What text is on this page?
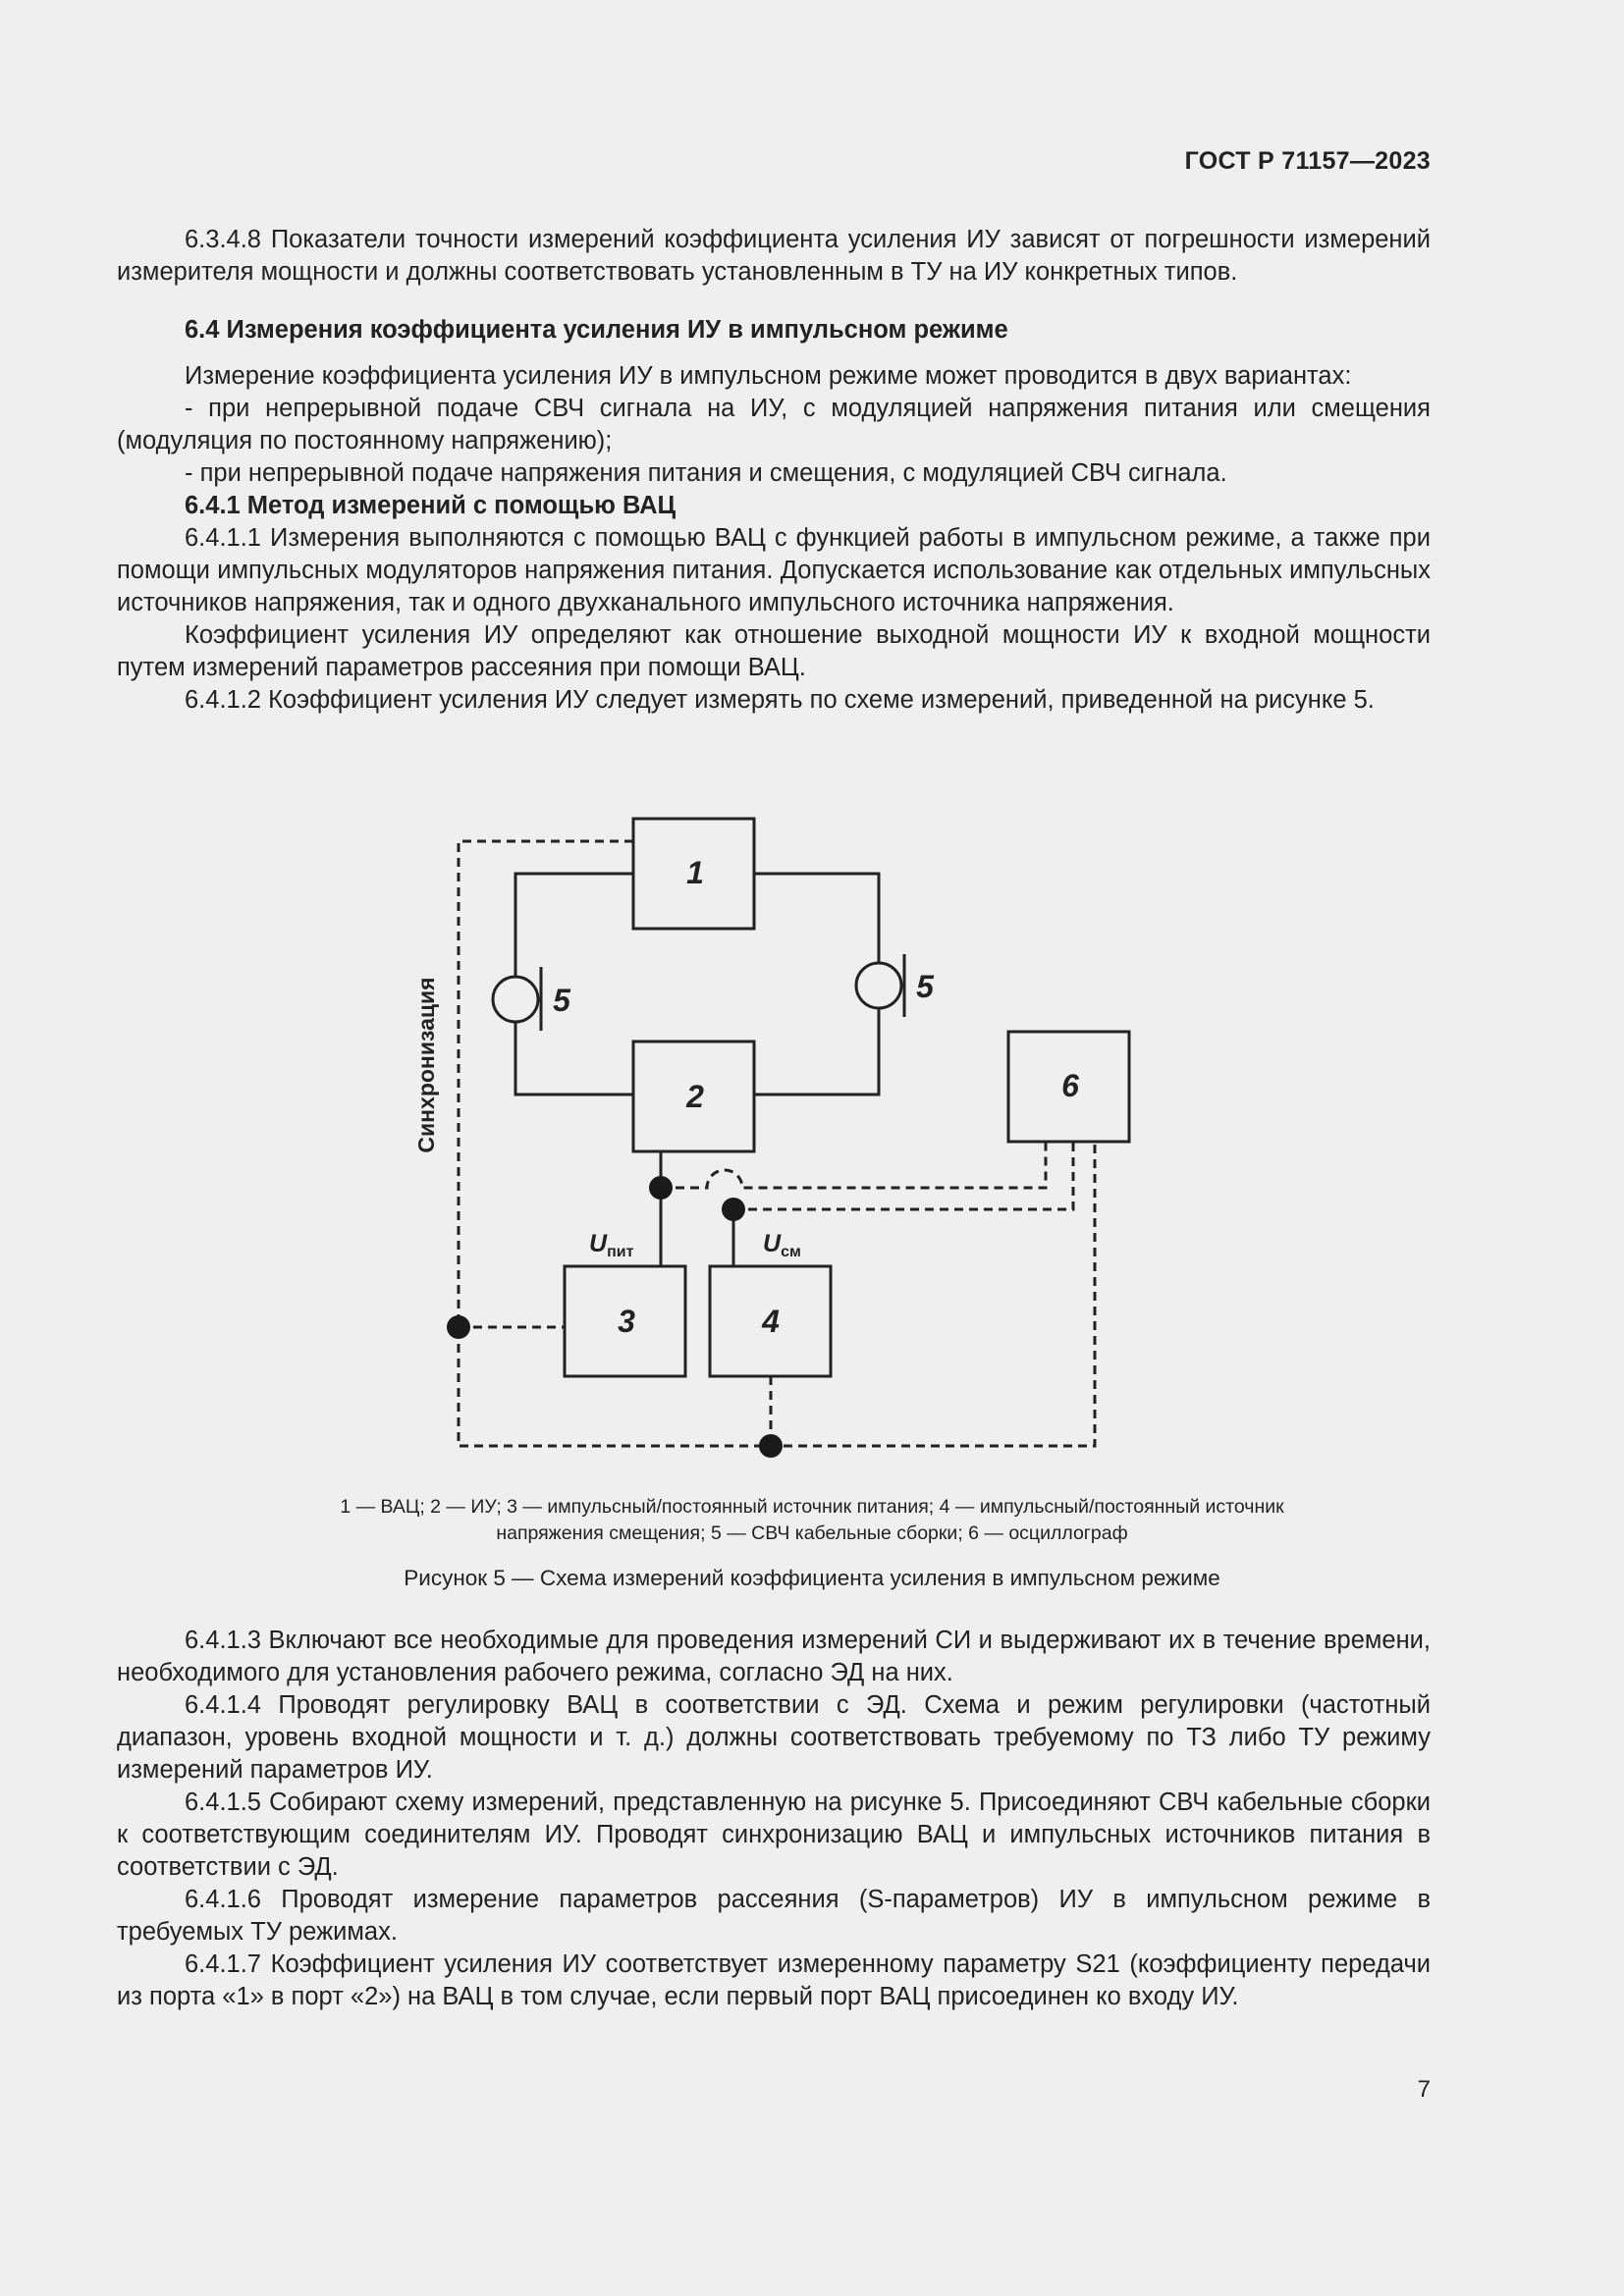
ГОСТ Р 71157—2023

6.3.4.8 Показатели точности измерений коэффициента усиления ИУ зависят от погрешности измерений измерителя мощности и должны соответствовать установленным в ТУ на ИУ конкретных типов.

6.4 Измерения коэффициента усиления ИУ в импульсном режиме

Измерение коэффициента усиления ИУ в импульсном режиме может проводится в двух вариантах:

- при непрерывной подаче СВЧ сигнала на ИУ, с модуляцией напряжения питания или смещения (модуляция по постоянному напряжению);

- при непрерывной подаче напряжения питания и смещения, с модуляцией СВЧ сигнала.

6.4.1 Метод измерений с помощью ВАЦ

6.4.1.1 Измерения выполняются с помощью ВАЦ с функцией работы в импульсном режиме, а также при помощи импульсных модуляторов напряжения питания. Допускается использование как отдельных импульсных источников напряжения, так и одного двухканального импульсного источника напряжения.

Коэффициент усиления ИУ определяют как отношение выходной мощности ИУ к входной мощности путем измерений параметров рассеяния при помощи ВАЦ.

6.4.1.2 Коэффициент усиления ИУ следует измерять по схеме измерений, приведенной на рисунке 5.

1
2
3	4
5	5
6
Синхронизация
$U_{пит}$	$U_{см}$
1 — ВАЦ; 2 — ИУ; 3 — импульсный/постоянный источник питания; 4 — импульсный/постоянный источник
напряжения смещения; 5 — СВЧ кабельные сборки; 6 — осциллограф
Рисунок 5 — Схема измерений коэффициента усиления в импульсном режиме

6.4.1.3 Включают все необходимые для проведения измерений СИ и выдерживают их в течение времени, необходимого для установления рабочего режима, согласно ЭД на них.

6.4.1.4 Проводят регулировку ВАЦ в соответствии с ЭД. Схема и режим регулировки (частотный диапазон, уровень входной мощности и т. д.) должны соответствовать требуемому по ТЗ либо ТУ режиму измерений параметров ИУ.

6.4.1.5 Собирают схему измерений, представленную на рисунке 5. Присоединяют СВЧ кабельные сборки к соответствующим соединителям ИУ. Проводят синхронизацию ВАЦ и импульсных источников питания в соответствии с ЭД.

6.4.1.6 Проводят измерение параметров рассеяния (S-параметров) ИУ в импульсном режиме в требуемых ТУ режимах.

6.4.1.7 Коэффициент усиления ИУ соответствует измеренному параметру S21 (коэффициенту передачи из порта «1» в порт «2») на ВАЦ в том случае, если первый порт ВАЦ присоединен ко входу ИУ.

7
